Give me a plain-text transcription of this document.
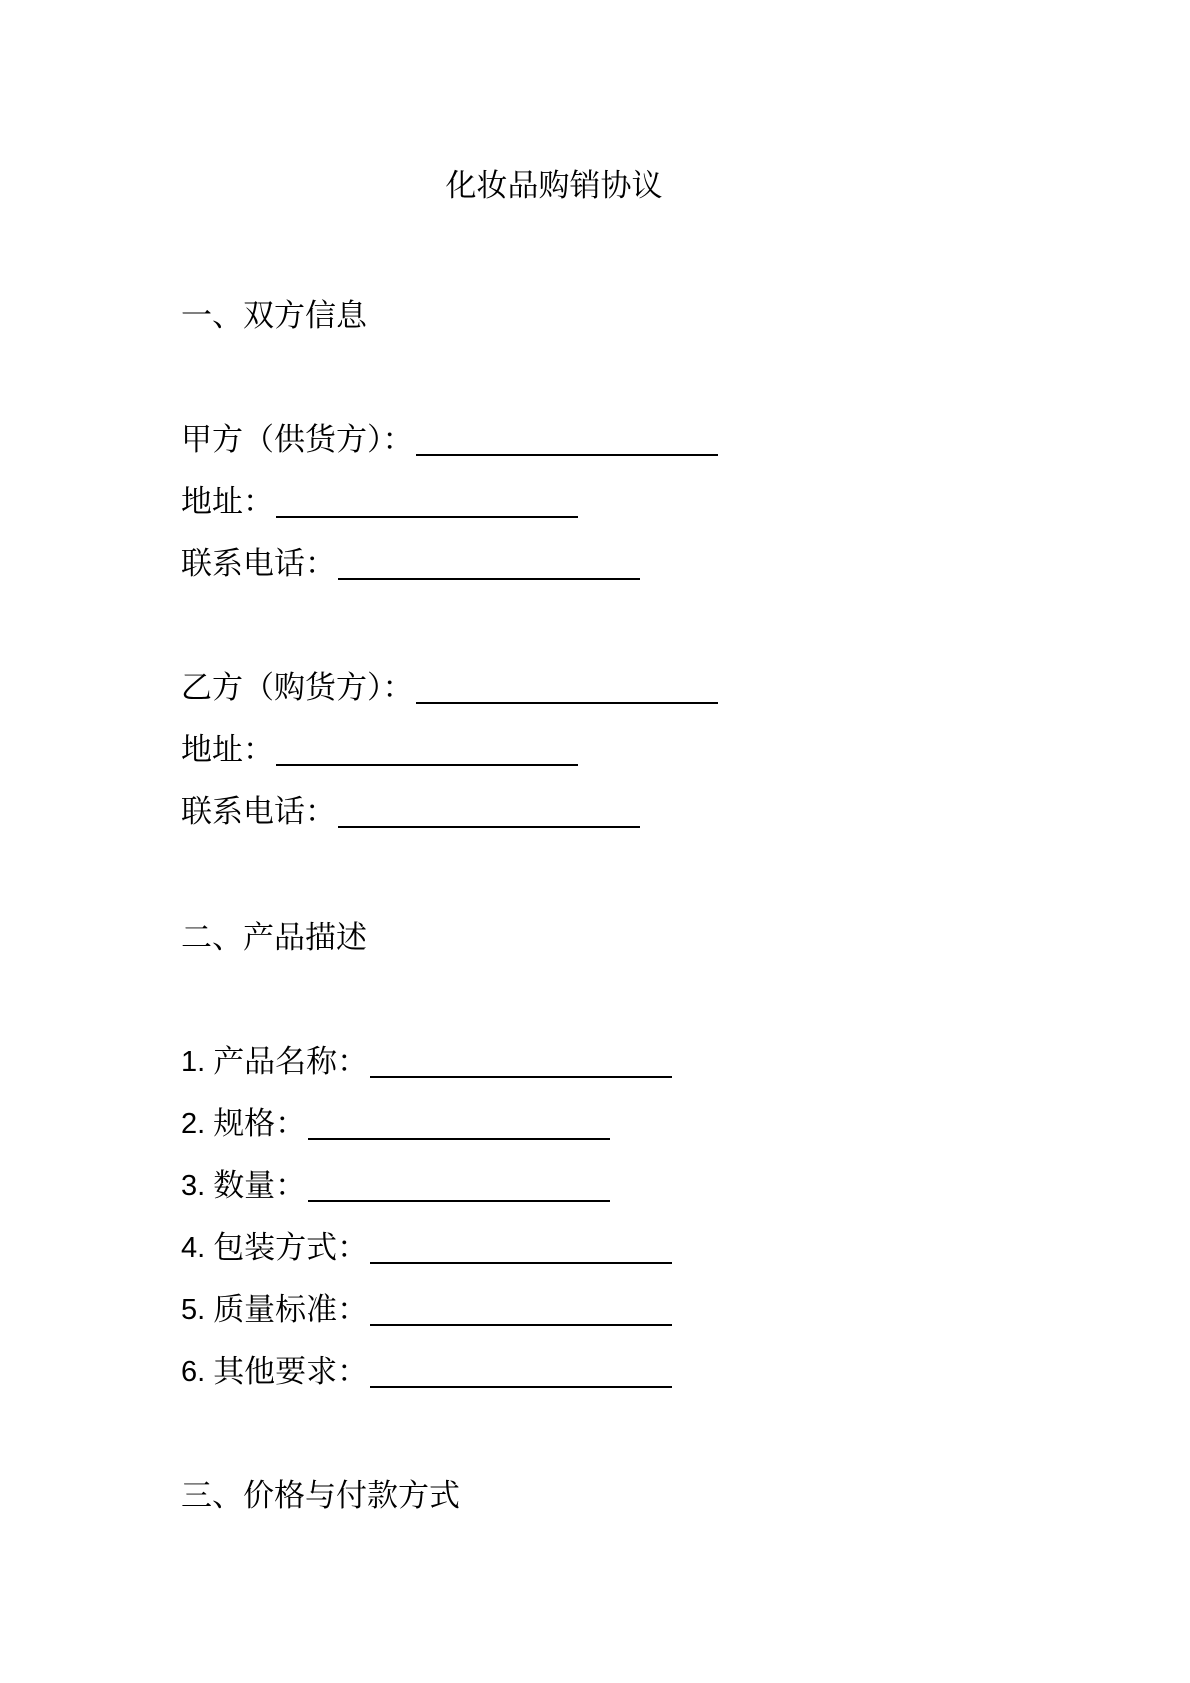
化妆品购销协议
一、双方信息
甲方（供货方）：
地址：
联系电话：
乙方（购货方）：
地址：
联系电话：
二、产品描述
1. 产品名称：
2. 规格：
3. 数量：
4. 包装方式：
5. 质量标准：
6. 其他要求：
三、价格与付款方式
